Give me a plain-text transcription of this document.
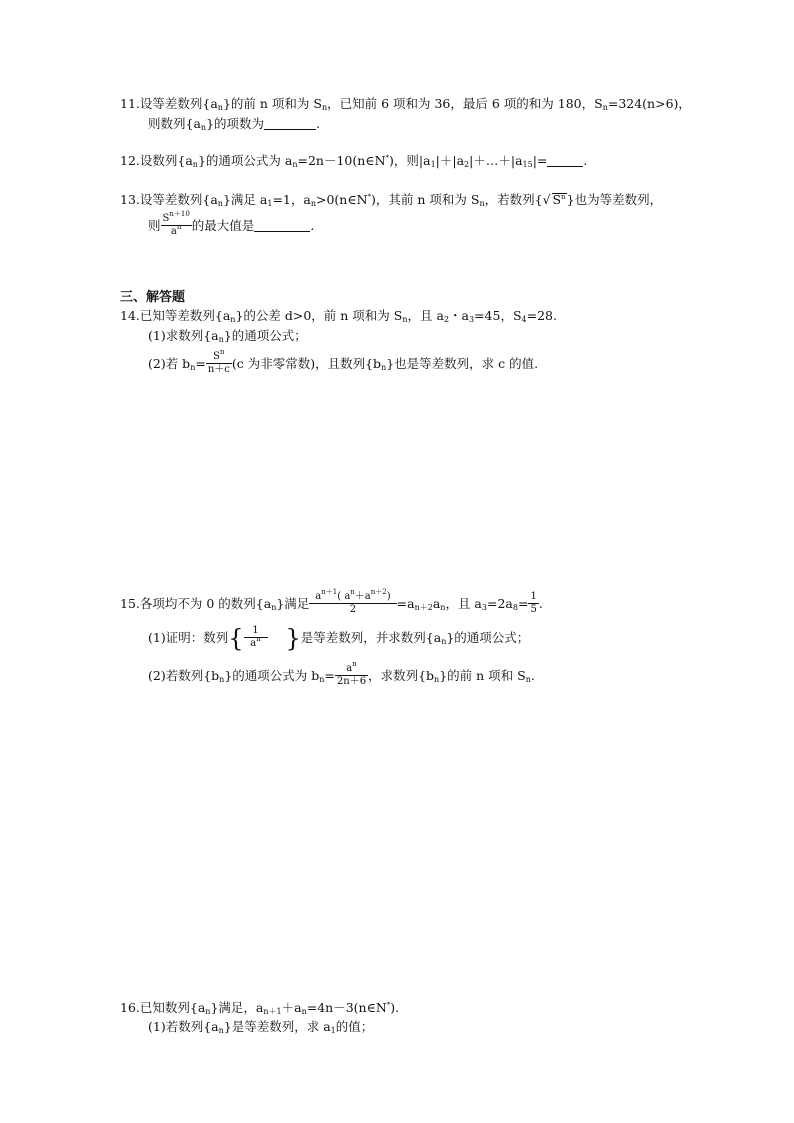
11.设等差数列$\{a_n\}$的前 n 项和为 $S_n$，已知前 6 项和为 36，最后 6 项的和为 180，$S_n=324(n>6)$，
则数列$\{a_n\}$的项数为	.
12.设数列$\{a_n\}$的通项公式为 $a_n=2n-10(n\in N^*)$，则$|a_1|+|a_2|+\dots+|a_{15}|=$	.
13.设等差数列$\{a_n\}$满足 $a_1=1$，$a_n>0(n\in N^*)$，其前 n 项和为 $S_n$，若数列{√ $S^n$}也为等差数列，
则 $\frac{S^{n+10}}{a^n}$ 的最大值是	.
三、解答题
14.已知等差数列$\{a_n\}$的公差 d>0，前 n 项和为 $S_n$，且 $a_2$・$a_3=45$，$S_4=28$.
(1)求数列$\{a_n\}$的通项公式；
(2)若 $b_n= \frac{S^n}{n+c} (c$ 为非零常数)，且数列$\{b_n\}$也是等差数列，求 c 的值.
15.各项均不为 0 的数列$\{a_n\}$满足 $\frac{a^{n+1}( a^n+a^{n+2})}{2} =a_{n+2}a_n$，且 $a_3=2a_8= \frac{1}{5}$ .
(1)证明：数列{ $\frac{1}{a^n}$ }是等差数列，并求数列$\{a_n\}$的通项公式；
(2)若数列$\{b_n\}$的通项公式为 $b_n= \frac{a^n}{2n+6}$ ，求数列$\{b_n\}$的前 n 项和 $S_n$.
16.已知数列$\{a_n\}$满足，$a_{n+1}+a_n=4n-3(n\in N^*)$.
(1)若数列$\{a_n\}$是等差数列，求 $a_1$的值；
